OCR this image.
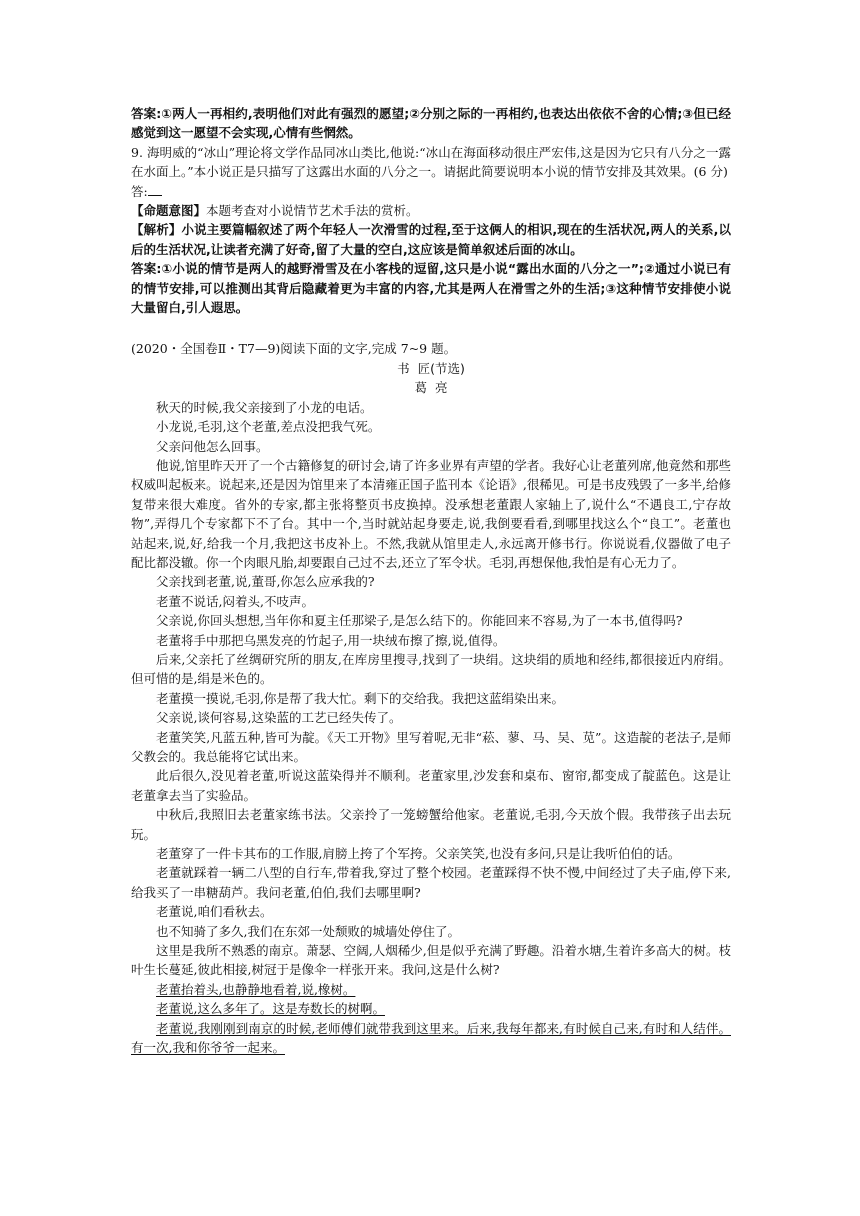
答案:①两人一再相约,表明他们对此有强烈的愿望;②分别之际的一再相约,也表达出依依不舍的心情;③但已经感觉到这一愿望不会实现,心情有些惘然。

9. 海明威的“冰山”理论将文学作品同冰山类比,他说:“冰山在海面移动很庄严宏伟,这是因为它只有八分之一露在水面上。”本小说正是只描写了这露出水面的八分之一。请据此简要说明本小说的情节安排及其效果。(6 分)

答:

【命题意图】本题考查对小说情节艺术手法的赏析。

【解析】小说主要篇幅叙述了两个年轻人一次滑雪的过程,至于这俩人的相识,现在的生活状况,两人的关系,以后的生活状况,让读者充满了好奇,留了大量的空白,这应该是简单叙述后面的冰山。

答案:①小说的情节是两人的越野滑雪及在小客栈的逗留,这只是小说“露出水面的八分之一”;②通过小说已有的情节安排,可以推测出其背后隐藏着更为丰富的内容,尤其是两人在滑雪之外的生活;③这种情节安排使小说大量留白,引人遐思。

(2020・全国卷Ⅱ・T7—9)阅读下面的文字,完成 7~9 题。

书  匠(节选)

葛  亮

秋天的时候,我父亲接到了小龙的电话。

小龙说,毛羽,这个老董,差点没把我气死。

父亲问他怎么回事。

他说,馆里昨天开了一个古籍修复的研讨会,请了许多业界有声望的学者。我好心让老董列席,他竟然和那些权威叫起板来。说起来,还是因为馆里来了本清雍正国子监刊本《论语》,很稀见。可是书皮残毁了一多半,给修复带来很大难度。省外的专家,都主张将整页书皮换掉。没承想老董跟人家轴上了,说什么“不遇良工,宁存故物”,弄得几个专家都下不了台。其中一个,当时就站起身要走,说,我倒要看看,到哪里找这么个“良工”。老董也站起来,说,好,给我一个月,我把这书皮补上。不然,我就从馆里走人,永远离开修书行。你说说看,仪器做了电子配比都没辙。你一个肉眼凡胎,却要跟自己过不去,还立了军令状。毛羽,再想保他,我怕是有心无力了。

父亲找到老董,说,董哥,你怎么应承我的?

老董不说话,闷着头,不吱声。

父亲说,你回头想想,当年你和夏主任那梁子,是怎么结下的。你能回来不容易,为了一本书,值得吗?

老董将手中那把乌黑发亮的竹起子,用一块绒布擦了擦,说,值得。

后来,父亲托了丝绸研究所的朋友,在库房里搜寻,找到了一块绢。这块绢的质地和经纬,都很接近内府绢。但可惜的是,绢是米色的。

老董摸一摸说,毛羽,你是帮了我大忙。剩下的交给我。我把这蓝绢染出来。

父亲说,谈何容易,这染蓝的工艺已经失传了。

老董笑笑,凡蓝五种,皆可为靛。《天工开物》里写着呢,无非“菘、蓼、马、吴、苋”。这造靛的老法子,是师父教会的。我总能将它试出来。

此后很久,没见着老董,听说这蓝染得并不顺利。老董家里,沙发套和桌布、窗帘,都变成了靛蓝色。这是让老董拿去当了实验品。

中秋后,我照旧去老董家练书法。父亲拎了一笼螃蟹给他家。老董说,毛羽,今天放个假。我带孩子出去玩玩。

老董穿了一件卡其布的工作服,肩膀上挎了个军挎。父亲笑笑,也没有多问,只是让我听伯伯的话。

老董就踩着一辆二八型的自行车,带着我,穿过了整个校园。老董踩得不快不慢,中间经过了夫子庙,停下来,给我买了一串糖葫芦。我问老董,伯伯,我们去哪里啊?

老董说,咱们看秋去。

也不知骑了多久,我们在东郊一处颓败的城墙处停住了。

这里是我所不熟悉的南京。萧瑟、空阔,人烟稀少,但是似乎充满了野趣。沿着水塘,生着许多高大的树。枝叶生长蔓延,彼此相接,树冠于是像伞一样张开来。我问,这是什么树?

老董抬着头,也静静地看着,说,橡树。

老董说,这么多年了。这是寿数长的树啊。

老董说,我刚刚到南京的时候,老师傅们就带我到这里来。后来,我每年都来,有时候自己来,有时和人结伴。有一次,我和你爷爷一起来。
